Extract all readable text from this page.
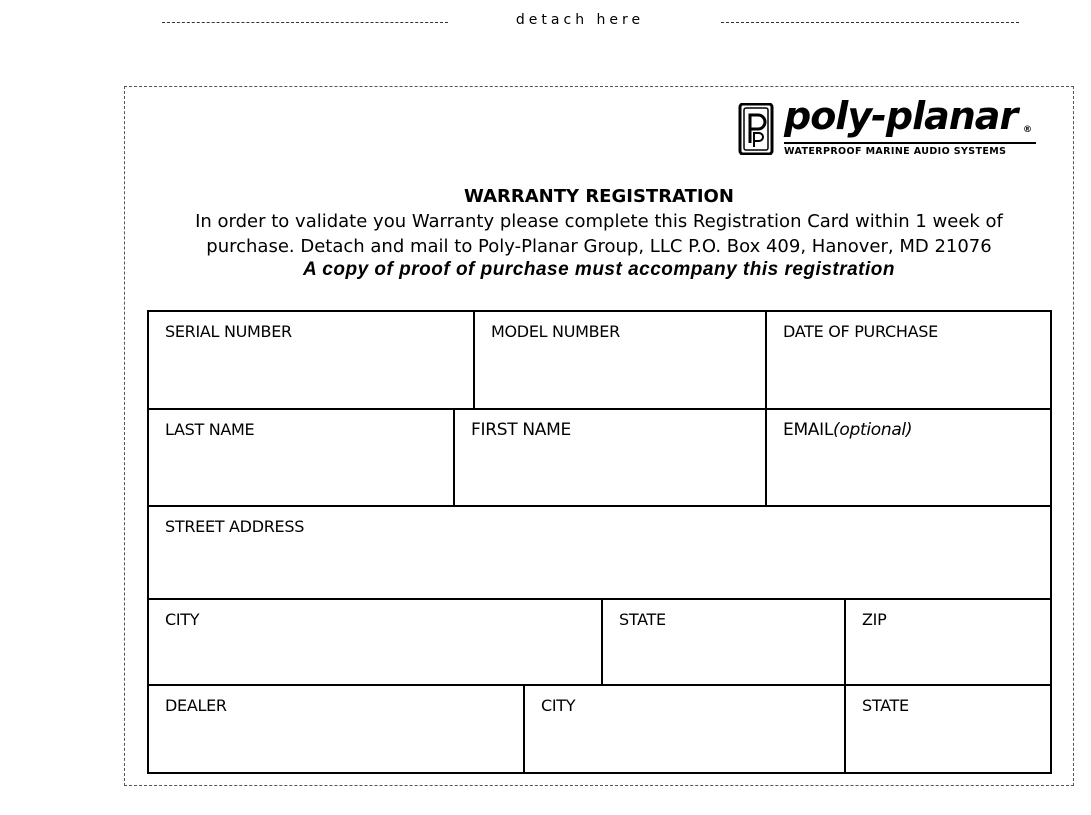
detach here
poly-planar ®
WATERPROOF MARINE AUDIO SYSTEMS
WARRANTY REGISTRATION
In order to validate you Warranty please complete this Registration Card within 1 week of
purchase. Detach and mail to Poly-Planar Group, LLC P.O. Box 409, Hanover, MD 21076
A copy of proof of purchase must accompany this registration
SERIAL NUMBER	MODEL NUMBER	DATE OF PURCHASE
LAST NAME	FIRST NAME	EMAIL(optional)
STREET ADDRESS
CITY	STATE	ZIP
DEALER	CITY	STATE
